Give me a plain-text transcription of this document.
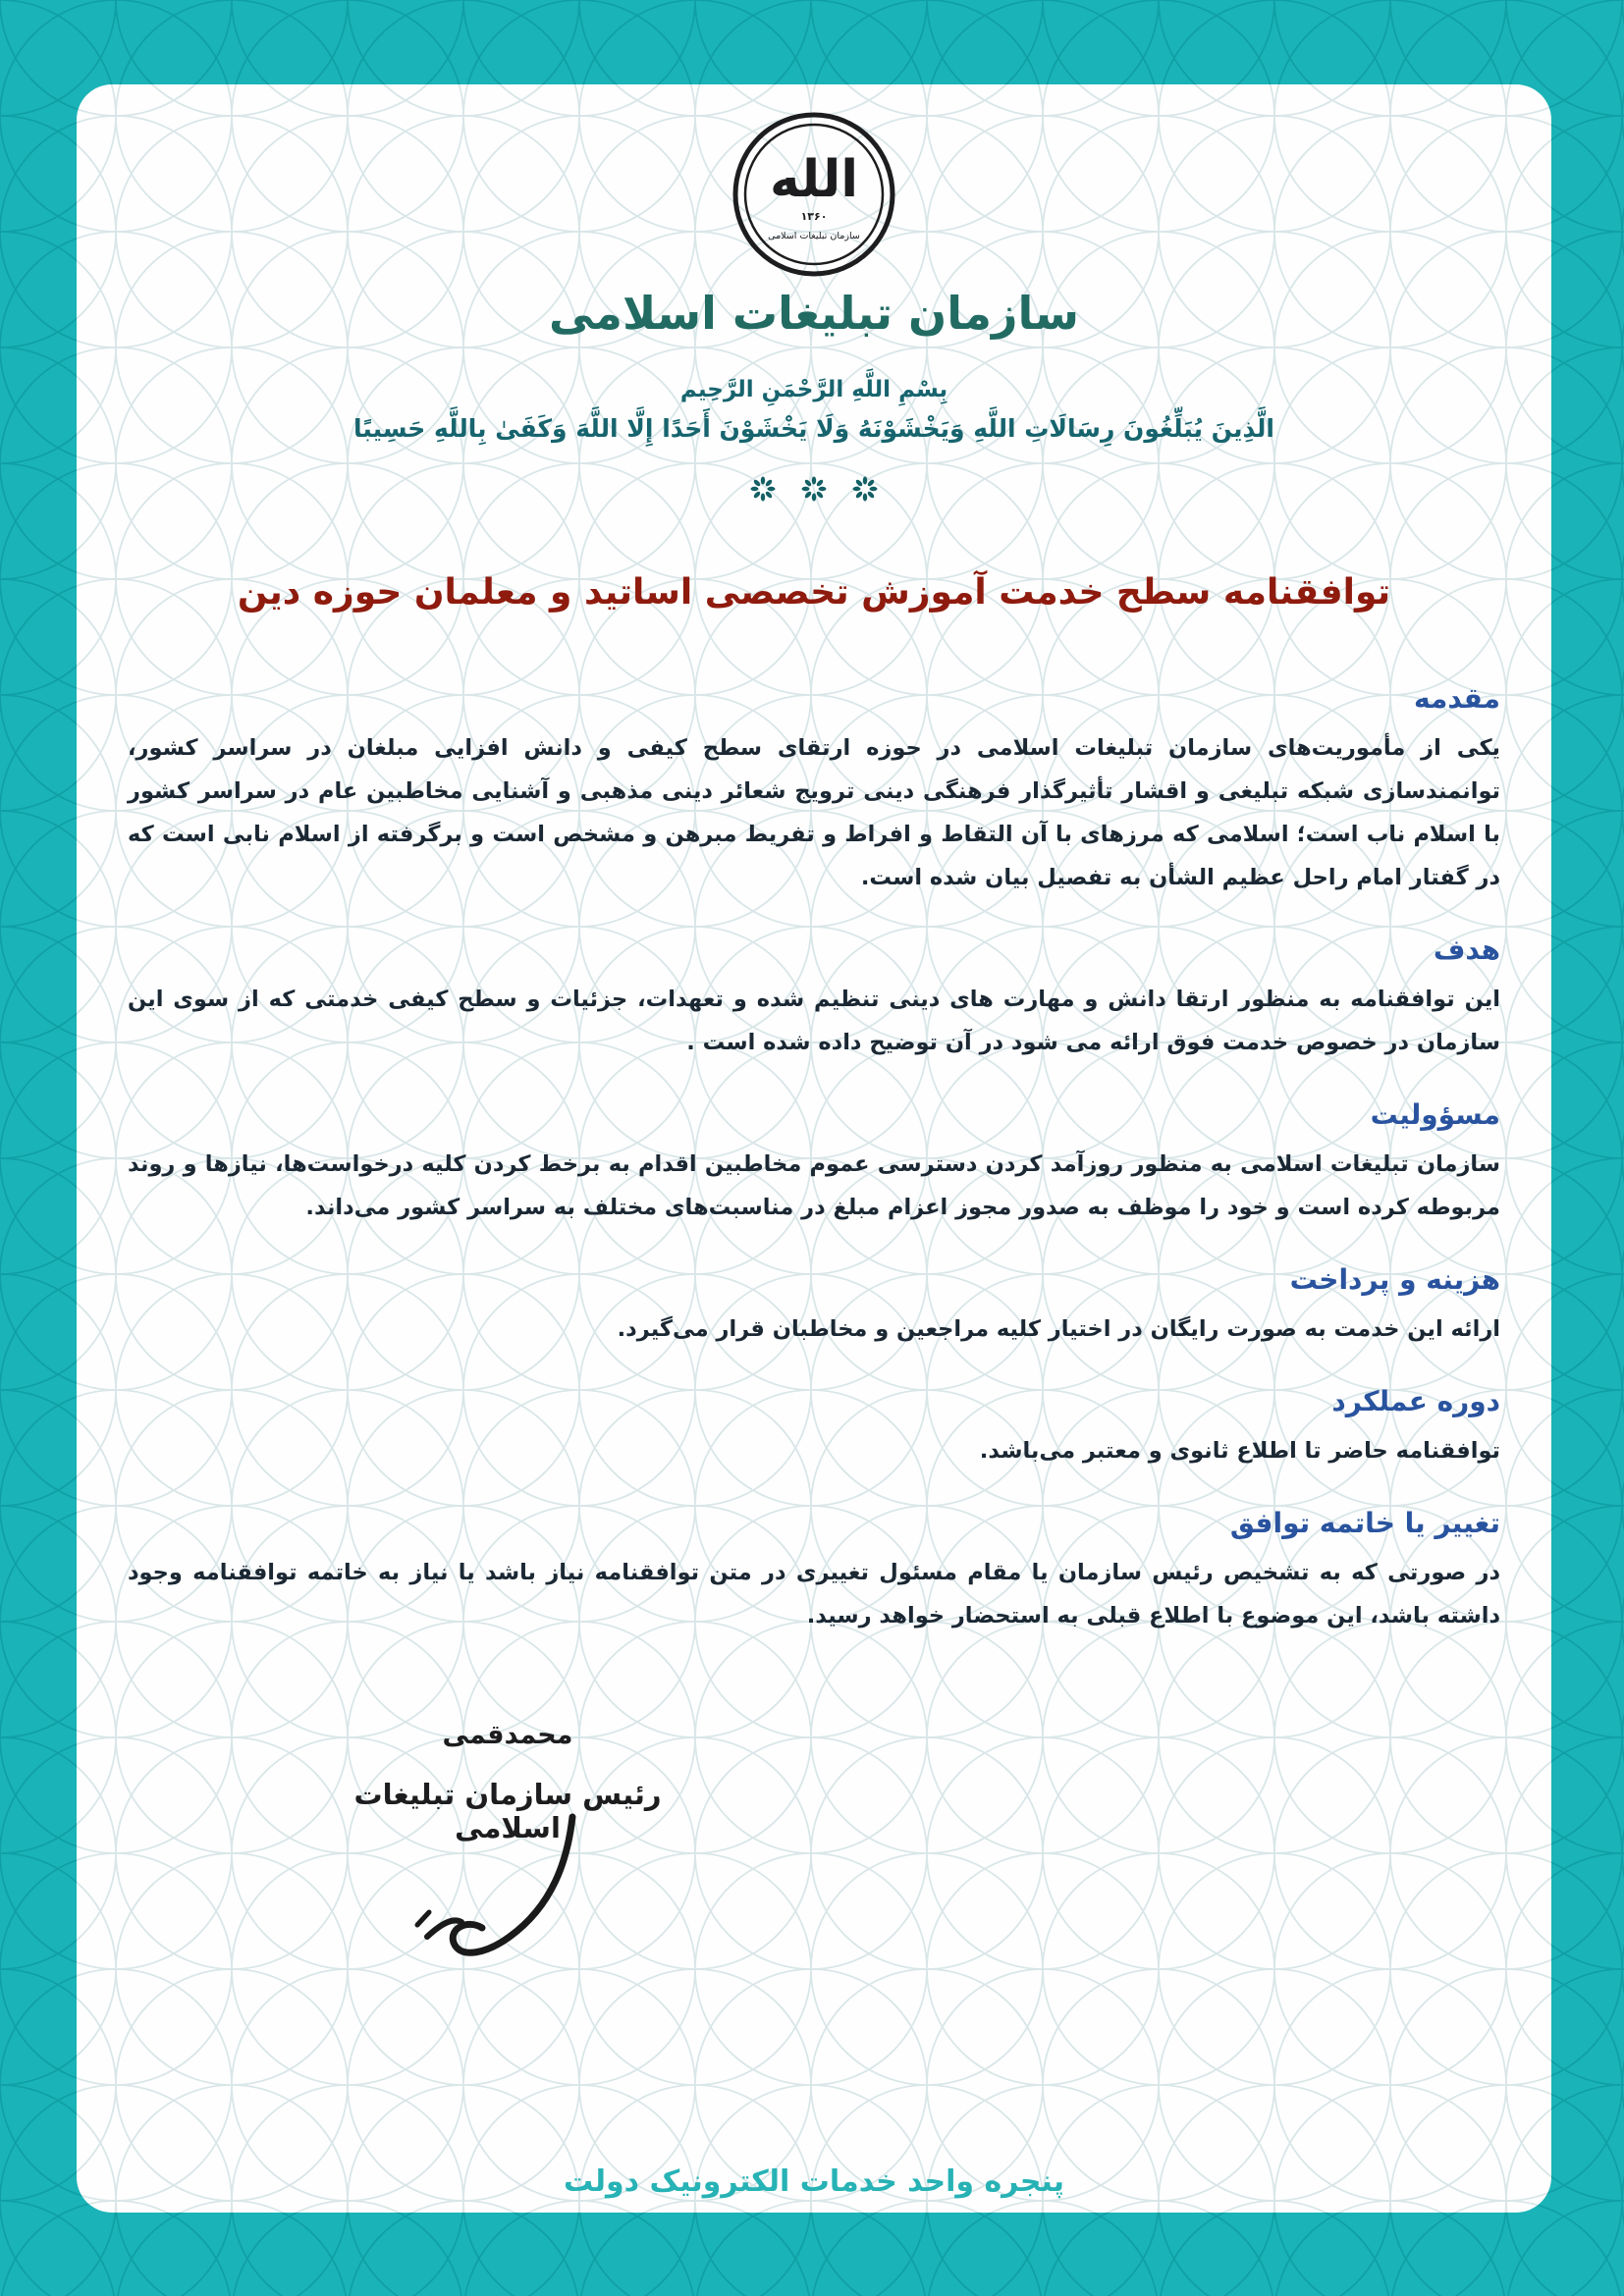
الله
۱۳۶۰
سازمان تبلیغات اسلامی
سازمان تبلیغات اسلامی
بِسْمِ اللَّهِ الرَّحْمَنِ الرَّحِيم
الَّذِينَ يُبَلِّغُونَ رِسَالَاتِ اللَّهِ وَيَخْشَوْنَهُ وَلَا يَخْشَوْنَ أَحَدًا إِلَّا اللَّهَ وَكَفَىٰ بِاللَّهِ حَسِيبًا
توافقنامه سطح خدمت آموزش تخصصی اساتید و معلمان حوزه دین
مقدمه

یکی از مأموریت‌های سازمان تبلیغات اسلامی در حوزه ارتقای سطح کیفی و دانش افزایی مبلغان در سراسر کشور، توانمندسازی شبکه تبلیغی و اقشار تأثیرگذار فرهنگی دینی ترویج شعائر دینی مذهبی و آشنایی مخاطبین عام در سراسر کشور با اسلام ناب است؛ اسلامی که مرزهای با آن التقاط و افراط و تفریط مبرهن و مشخص است و برگرفته از اسلام نابی است که در گفتار امام راحل عظیم الشأن به تفصیل بیان شده است.

هدف

این توافقنامه به منظور ارتقا دانش و مهارت های دینی تنظیم شده و تعهدات، جزئیات و سطح کیفی خدمتی که از سوی این سازمان در خصوص خدمت فوق ارائه می شود در آن توضیح داده شده است .

مسؤولیت

سازمان تبلیغات اسلامی به منظور روزآمد کردن دسترسی عموم مخاطبین اقدام به برخط کردن کلیه درخواست‌ها، نیازها و روند مربوطه کرده است و خود را موظف به صدور مجوز اعزام مبلغ در مناسبت‌های مختلف به سراسر کشور می‌داند.

هزینه و پرداخت

ارائه این خدمت به صورت رایگان در اختیار کلیه مراجعین و مخاطبان قرار می‌گیرد.

دوره عملکرد

توافقنامه حاضر تا اطلاع ثانوی و معتبر می‌باشد.

تغییر یا خاتمه توافق

در صورتی که به تشخیص رئیس سازمان یا مقام مسئول تغییری در متن توافقنامه نیاز باشد یا نیاز به خاتمه توافقنامه وجود داشته باشد، این موضوع با اطلاع قبلی به استحضار خواهد رسید.

محمدقمی
رئیس سازمان تبلیغات اسلامی
پنجره واحد خدمات الکترونیک دولت
